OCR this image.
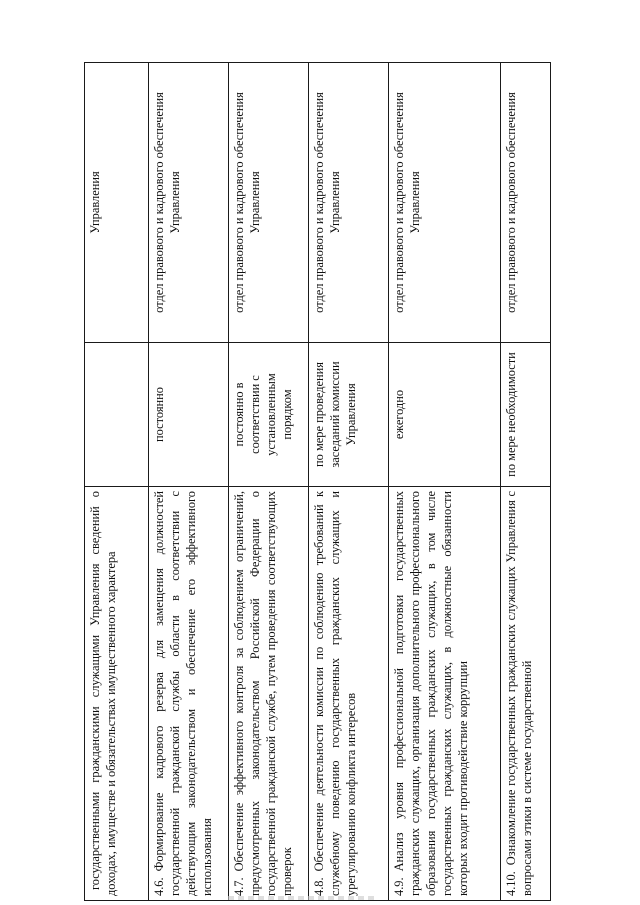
государственными гражданскими служащими Управления сведений о доходах, имуществе и обязательствах имущественного характера		Управления
4.6.Формирование кадрового резерва для замещения должностей государственной гражданской службы области в соответствии с действующим законодательством и обеспечение его эффективного использования	постоянно	отдел правового и кадрового обеспечения Управления
4.7.Обеспечение эффективного контроля за соблюдением ограничений, предусмотренных законодательством Российской Федерации о государственной гражданской службе, путем проведения соответствующих проверок	постоянно в соответствии с установленным порядком	отдел правового и кадрового обеспечения Управления
4.8.Обеспечение деятельности комиссии по соблюдению требований к служебному поведению государственных гражданских служащих и урегулированию конфликта интересов	по мере проведения заседаний комиссии Управления	отдел правового и кадрового обеспечения Управления
4.9.Анализ уровня профессиональной подготовки государственных гражданских служащих, организация дополнительного профессионального образования государственных гражданских служащих, в том числе государственных гражданских служащих, в должностные обязанности которых входит противодействие коррупции	ежегодно	отдел правового и кадрового обеспечения Управления
4.10.Ознакомление государственных гражданских служащих Управления с вопросами этики в системе государственной	по мере необходимости	отдел правового и кадрового обеспечения
